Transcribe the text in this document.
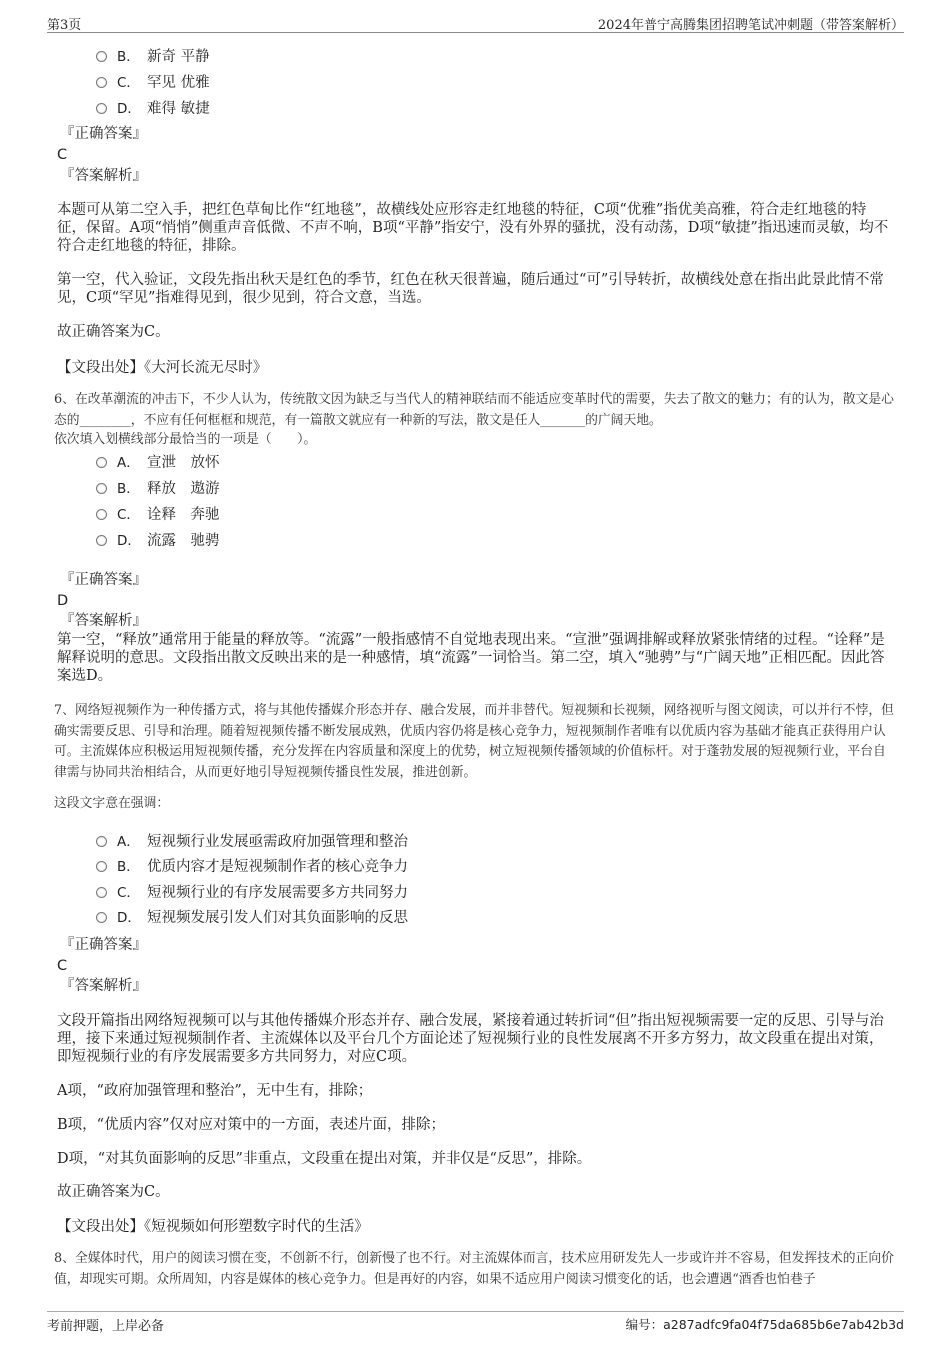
第3页	2024年普宁高腾集团招聘笔试冲刺题（带答案解析）
B． 新奇 平静
C． 罕见 优雅
D． 难得 敏捷
『正确答案』
C
『答案解析』
本题可从第二空入手，把红色草甸比作“红地毯”，故横线处应形容走红地毯的特征，C项“优雅”指优美高雅，符合走红地毯的特征，保留。A项“悄悄”侧重声音低微、不声不响，B项“平静”指安宁，没有外界的骚扰，没有动荡，D项“敏捷”指迅速而灵敏，均不符合走红地毯的特征，排除。
第一空，代入验证，文段先指出秋天是红色的季节，红色在秋天很普遍，随后通过“可”引导转折，故横线处意在指出此景此情不常见，C项“罕见”指难得见到，很少见到，符合文意，当选。
故正确答案为C。
【文段出处】《大河长流无尽时》
6、在改革潮流的冲击下，不少人认为，传统散文因为缺乏与当代人的精神联结而不能适应变革时代的需要，失去了散文的魅力；有的认为，散文是心态的________，不应有任何框框和规范，有一篇散文就应有一种新的写法，散文是任人_______的广阔天地。
依次填入划横线部分最恰当的一项是（　　）。
A． 宣泄　放怀
B． 释放　遨游
C． 诠释　奔驰
D． 流露　驰骋
『正确答案』
D
『答案解析』
第一空，“释放”通常用于能量的释放等。“流露”一般指感情不自觉地表现出来。“宣泄”强调排解或释放紧张情绪的过程。“诠释”是解释说明的意思。文段指出散文反映出来的是一种感情，填“流露”一词恰当。第二空，填入“驰骋”与“广阔天地”正相匹配。因此答案选D。
7、网络短视频作为一种传播方式，将与其他传播媒介形态并存、融合发展，而并非替代。短视频和长视频，网络视听与图文阅读，可以并行不悖，但确实需要反思、引导和治理。随着短视频传播不断发展成熟，优质内容仍将是核心竞争力，短视频制作者唯有以优质内容为基础才能真正获得用户认可。主流媒体应积极运用短视频传播，充分发挥在内容质量和深度上的优势，树立短视频传播领域的价值标杆。对于蓬勃发展的短视频行业，平台自律需与协同共治相结合，从而更好地引导短视频传播良性发展，推进创新。
这段文字意在强调：
A． 短视频行业发展亟需政府加强管理和整治
B． 优质内容才是短视频制作者的核心竞争力
C． 短视频行业的有序发展需要多方共同努力
D． 短视频发展引发人们对其负面影响的反思
『正确答案』
C
『答案解析』
文段开篇指出网络短视频可以与其他传播媒介形态并存、融合发展，紧接着通过转折词“但”指出短视频需要一定的反思、引导与治理，接下来通过短视频制作者、主流媒体以及平台几个方面论述了短视频行业的良性发展离不开多方努力，故文段重在提出对策，即短视频行业的有序发展需要多方共同努力，对应C项。
A项，“政府加强管理和整治”，无中生有，排除；
B项，“优质内容”仅对应对策中的一方面，表述片面，排除；
D项，“对其负面影响的反思”非重点，文段重在提出对策，并非仅是“反思”，排除。
故正确答案为C。
【文段出处】《短视频如何形塑数字时代的生活》
8、全媒体时代，用户的阅读习惯在变，不创新不行，创新慢了也不行。对主流媒体而言，技术应用研发先人一步或许并不容易，但发挥技术的正向价值，却现实可期。众所周知，内容是媒体的核心竞争力。但是再好的内容，如果不适应用户阅读习惯变化的话，也会遭遇“酒香也怕巷子
考前押题，上岸必备	编号：a287adfc9fa04f75da685b6e7ab42b3d
